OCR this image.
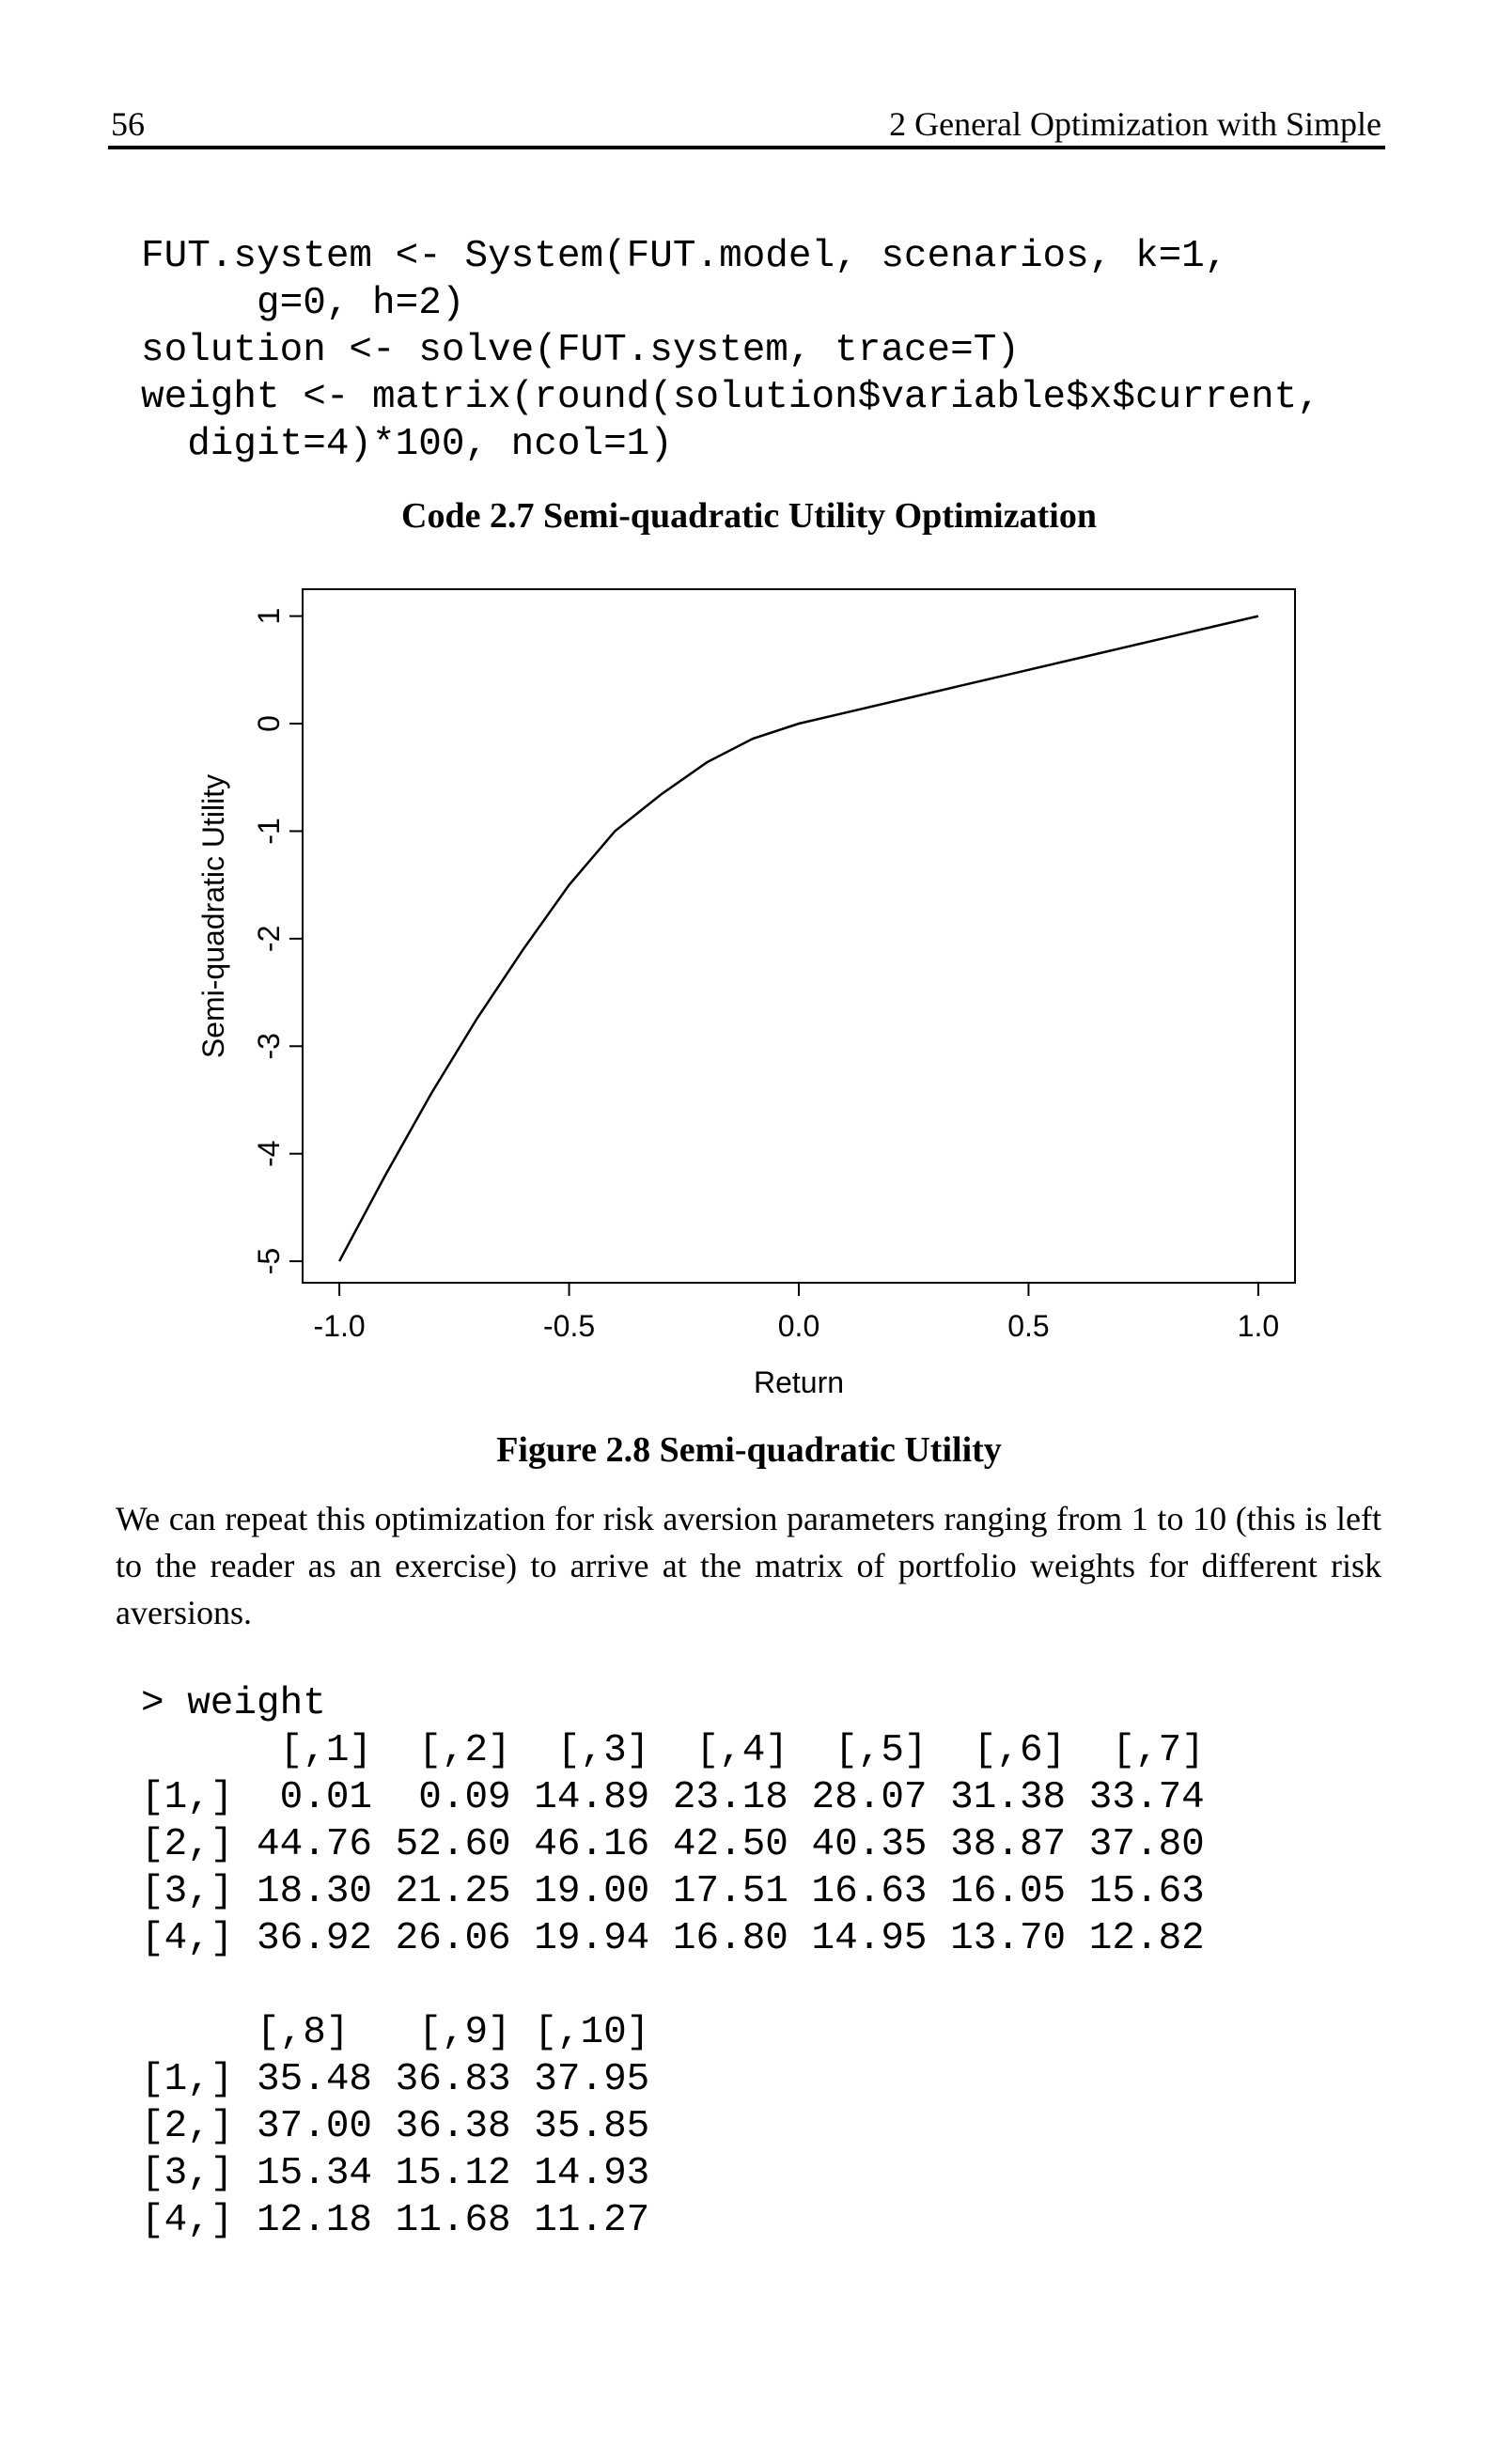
56	2 General Optimization with Simple
FUT.system <- System(FUT.model, scenarios, k=1,
g=0, h=2)
solution <- solve(FUT.system, trace=T)
weight <- matrix(round(solution$variable$x$current,
digit=4)*100, ncol=1)
Code 2.7 Semi-quadratic Utility Optimization
-1.0	-0.5	0.0	0.5	1.0
-5
-4
-3
-2
-1
0
1
Return
Semi-quadratic Utility
Figure 2.8 Semi-quadratic Utility
We can repeat this optimization for risk aversion parameters ranging from 1 to 10 (this is left to the reader as an exercise) to arrive at the matrix of portfolio weights for different risk aversions.
> weight
[,1]  [,2]  [,3]  [,4]  [,5]  [,6]  [,7]
[1,]  0.01  0.09 14.89 23.18 28.07 31.38 33.74
[2,] 44.76 52.60 46.16 42.50 40.35 38.87 37.80
[3,] 18.30 21.25 19.00 17.51 16.63 16.05 15.63
[4,] 36.92 26.06 19.94 16.80 14.95 13.70 12.82

[,8]   [,9] [,10]
[1,] 35.48 36.83 37.95
[2,] 37.00 36.38 35.85
[3,] 15.34 15.12 14.93
[4,] 12.18 11.68 11.27
